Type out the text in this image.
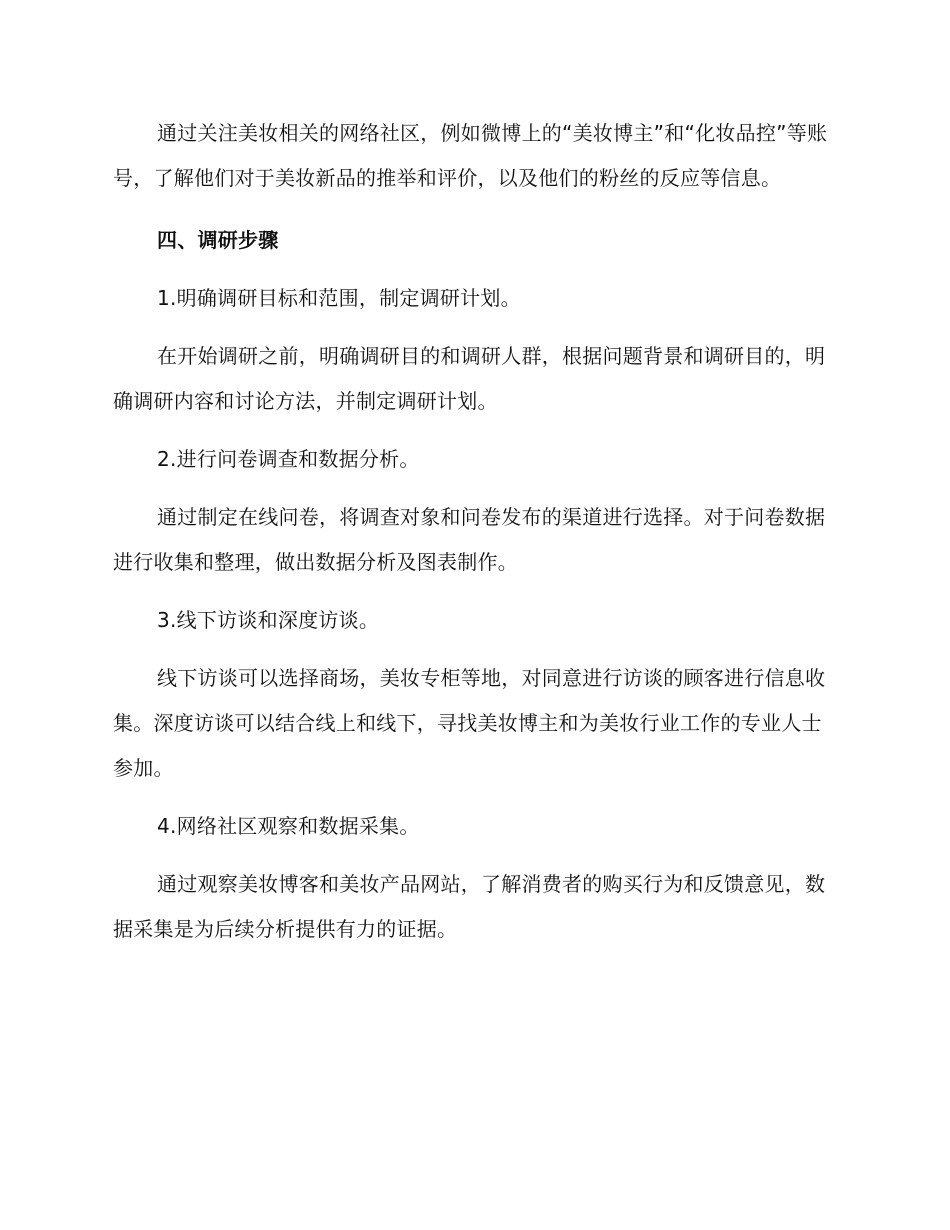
通过关注美妆相关的网络社区，例如微博上的“美妆博主”和“化妆品控”等账号，了解他们对于美妆新品的推举和评价，以及他们的粉丝的反应等信息。

四、调研步骤

1.明确调研目标和范围，制定调研计划。

在开始调研之前，明确调研目的和调研人群，根据问题背景和调研目的，明确调研内容和讨论方法，并制定调研计划。

2.进行问卷调查和数据分析。

通过制定在线问卷，将调查对象和问卷发布的渠道进行选择。对于问卷数据进行收集和整理，做出数据分析及图表制作。

3.线下访谈和深度访谈。

线下访谈可以选择商场，美妆专柜等地，对同意进行访谈的顾客进行信息收集。深度访谈可以结合线上和线下，寻找美妆博主和为美妆行业工作的专业人士参加。

4.网络社区观察和数据采集。

通过观察美妆博客和美妆产品网站，了解消费者的购买行为和反馈意见，数据采集是为后续分析提供有力的证据。
